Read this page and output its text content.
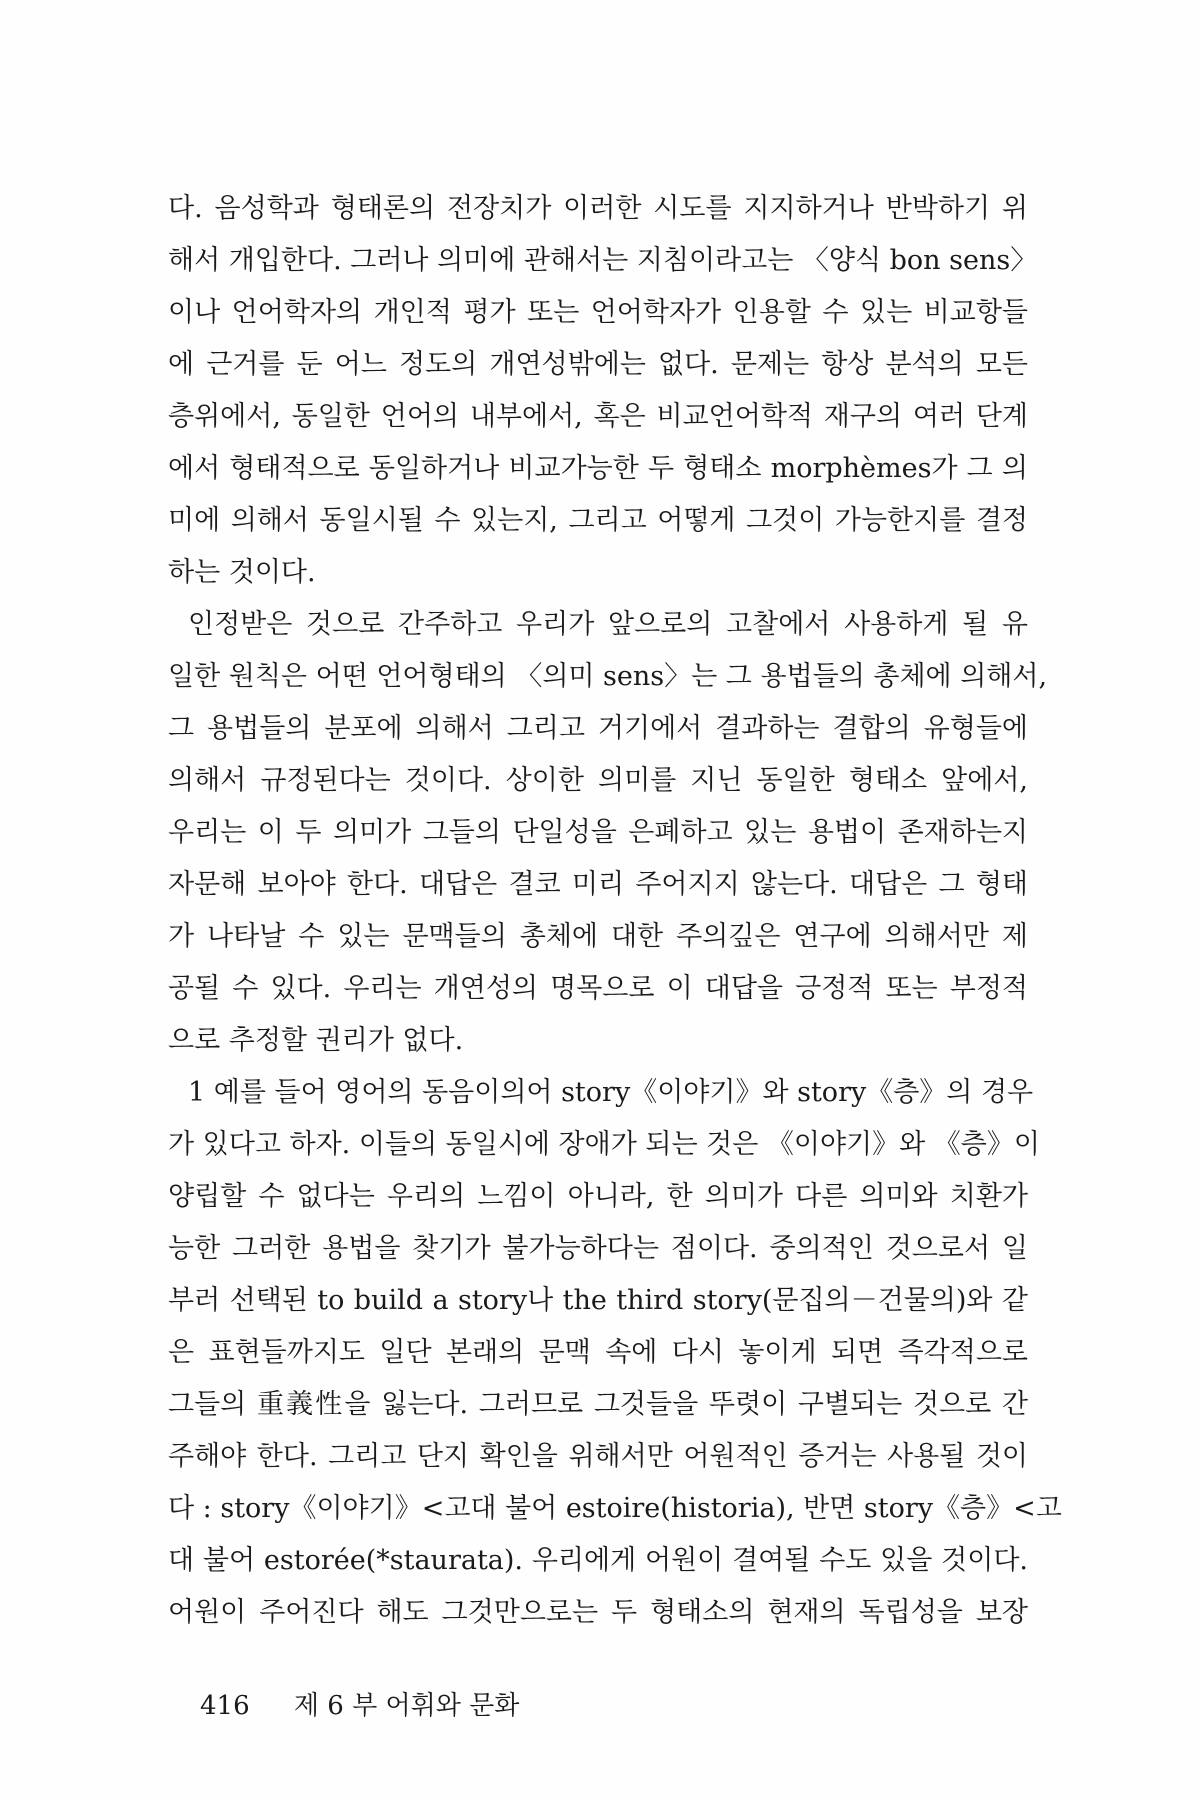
다. 음성학과 형태론의 전장치가 이러한 시도를 지지하거나 반박하기 위
해서 개입한다. 그러나 의미에 관해서는 지침이라고는 〈양식 bon sens〉
이나 언어학자의 개인적 평가 또는 언어학자가 인용할 수 있는 비교항들
에 근거를 둔 어느 정도의 개연성밖에는 없다. 문제는 항상 분석의 모든
층위에서, 동일한 언어의 내부에서, 혹은 비교언어학적 재구의 여러 단계
에서 형태적으로 동일하거나 비교가능한 두 형태소 morphèmes가 그 의
미에 의해서 동일시될 수 있는지, 그리고 어떻게 그것이 가능한지를 결정
하는 것이다.
인정받은 것으로 간주하고 우리가 앞으로의 고찰에서 사용하게 될 유
일한 원칙은 어떤 언어형태의 〈의미 sens〉는 그 용법들의 총체에 의해서,
그 용법들의 분포에 의해서 그리고 거기에서 결과하는 결합의 유형들에
의해서 규정된다는 것이다. 상이한 의미를 지닌 동일한 형태소 앞에서,
우리는 이 두 의미가 그들의 단일성을 은폐하고 있는 용법이 존재하는지
자문해 보아야 한다. 대답은 결코 미리 주어지지 않는다. 대답은 그 형태
가 나타날 수 있는 문맥들의 총체에 대한 주의깊은 연구에 의해서만 제
공될 수 있다. 우리는 개연성의 명목으로 이 대답을 긍정적 또는 부정적
으로 추정할 권리가 없다.
1 예를 들어 영어의 동음이의어 story《이야기》와 story《층》의 경우
가 있다고 하자. 이들의 동일시에 장애가 되는 것은 《이야기》와 《층》이
양립할 수 없다는 우리의 느낌이 아니라, 한 의미가 다른 의미와 치환가
능한 그러한 용법을 찾기가 불가능하다는 점이다. 중의적인 것으로서 일
부러 선택된 to build a story나 the third story(문집의－건물의)와 같
은 표현들까지도 일단 본래의 문맥 속에 다시 놓이게 되면 즉각적으로
그들의 重義性을 잃는다. 그러므로 그것들을 뚜렷이 구별되는 것으로 간
주해야 한다. 그리고 단지 확인을 위해서만 어원적인 증거는 사용될 것이
다 : story《이야기》<고대 불어 estoire(historia), 반면 story《층》<고
대 불어 estorée(*staurata). 우리에게 어원이 결여될 수도 있을 것이다.
어원이 주어진다 해도 그것만으로는 두 형태소의 현재의 독립성을 보장
416 제 6 부 어휘와 문화
